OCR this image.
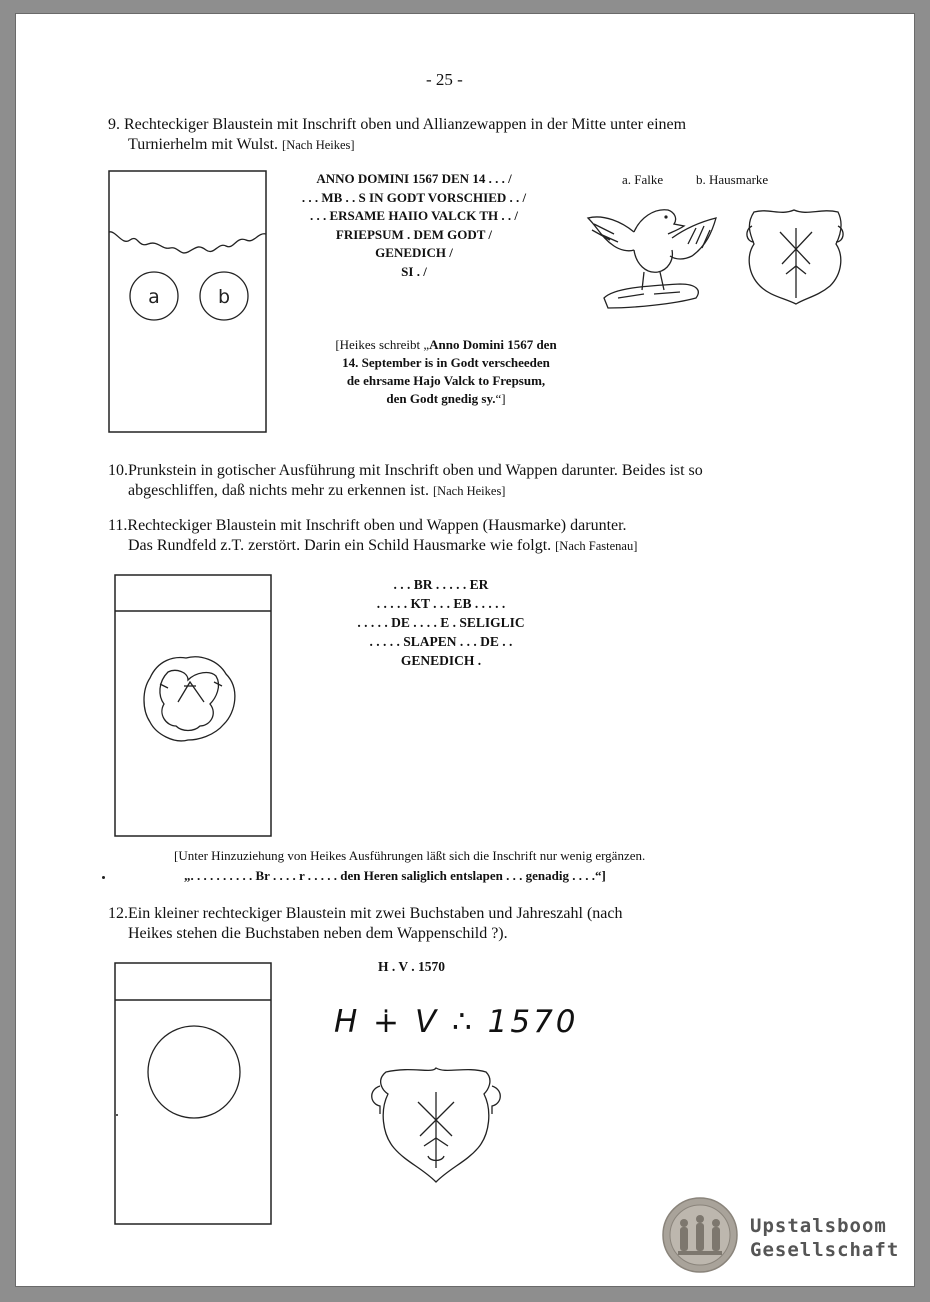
- 25 -
9. Rechteckiger Blaustein mit Inschrift oben und Allianzewappen in der Mitte unter einem
Turnierhelm mit Wulst. [Nach Heikes]
a	b
ANNO DOMINI 1567 DEN 14 . . . /
. . . MB . . S IN GODT VORSCHIED . . /
. . . ERSAME HAIIO VALCK TH . . /
FRIEPSUM . DEM GODT /
GENEDICH /
SI . /
a. Falke	b. Hausmarke
[Heikes schreibt „Anno Domini 1567 den
14. September is in Godt verscheeden
de ehrsame Hajo Valck to Frepsum,
den Godt gnedig sy.“]
10.Prunkstein in gotischer Ausführung mit Inschrift oben und Wappen darunter. Beides ist so
abgeschliffen, daß nichts mehr zu erkennen ist. [Nach Heikes]
11.Rechteckiger Blaustein mit Inschrift oben und Wappen (Hausmarke) darunter.
Das Rundfeld z.T. zerstört. Darin ein Schild Hausmarke wie folgt. [Nach Fastenau]
. . . BR . . . . . ER
. . . . . KT . . . EB . . . . .
. . . . . DE . . . . E . SELIGLIC
. . . . . SLAPEN . . . DE . .
GENEDICH .
[Unter Hinzuziehung von Heikes Ausführungen läßt sich die Inschrift nur wenig ergänzen.
„. . . . . . . . . . Br . . . . r . . . . . den Heren saliglich entslapen . . . genadig . . . .“]
12.Ein kleiner rechteckiger Blaustein mit zwei Buchstaben und Jahreszahl (nach
Heikes stehen die Buchstaben neben dem Wappenschild ?).
H . V . 1570
H ∔ V ∴ 1570
Upstalsboom
Gesellschaft
